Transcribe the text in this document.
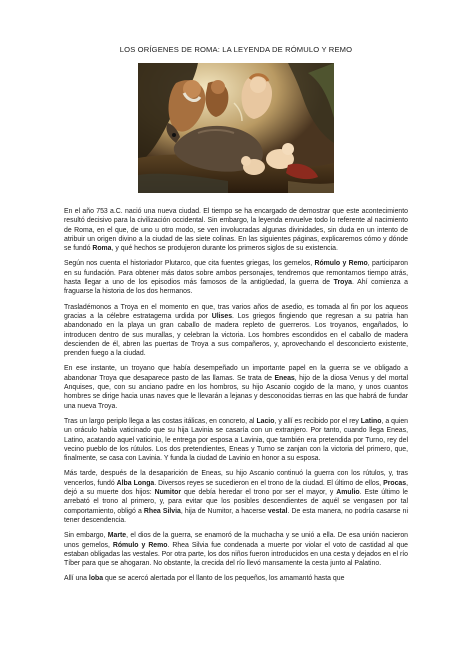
LOS ORÍGENES DE ROMA: LA LEYENDA DE RÓMULO Y REMO

En el año 753 a.C. nació una nueva ciudad. El tiempo se ha encargado de demostrar que este acontecimiento resultó decisivo para la civilización occidental. Sin embargo, la leyenda envuelve todo lo referente al nacimiento de Roma, en el que, de uno u otro modo, se ven involucradas algunas divinidades, sin duda en un intento de atribuir un origen divino a la ciudad de las siete colinas. En las siguientes páginas, explicaremos cómo y dónde se fundó Roma, y qué hechos se produjeron durante los primeros siglos de su existencia.

Según nos cuenta el historiador Plutarco, que cita fuentes griegas, los gemelos, Rómulo y Remo, participaron en su fundación. Para obtener más datos sobre ambos personajes, tendremos que remontarnos tiempo atrás, hasta llegar a uno de los episodios más famosos de la antigüedad, la guerra de Troya. Ahí comienza a fraguarse la historia de los dos hermanos.

Trasladémonos a Troya en el momento en que, tras varios años de asedio, es tomada al fin por los aqueos gracias a la célebre estratagema urdida por Ulises. Los griegos fingiendo que regresan a su patria han abandonado en la playa un gran caballo de madera repleto de guerreros. Los troyanos, engañados, lo introducen dentro de sus murallas, y celebran la victoria. Los hombres escondidos en el caballo de madera descienden de él, abren las puertas de Troya a sus compañeros, y, aprovechando el desconcierto existente, prenden fuego a la ciudad.

En ese instante, un troyano que había desempeñado un importante papel en la guerra se ve obligado a abandonar Troya que desaparece pasto de las llamas. Se trata de Eneas, hijo de la diosa Venus y del mortal Anquises, que, con su anciano padre en los hombros, su hijo Ascanio cogido de la mano, y unos cuantos hombres se dirige hacia unas naves que le llevarán a lejanas y desconocidas tierras en las que habrá de fundar una nueva Troya.

Tras un largo periplo llega a las costas itálicas, en concreto, al Lacio, y allí es recibido por el rey Latino, a quien un oráculo había vaticinado que su hija Lavinia se casaría con un extranjero. Por tanto, cuando llega Eneas, Latino, acatando aquel vaticinio, le entrega por esposa a Lavinia, que también era pretendida por Turno, rey del vecino pueblo de los rútulos. Los dos pretendientes, Eneas y Turno se zanjan con la victoria del primero, que, finalmente, se casa con Lavinia. Y funda la ciudad de Lavinio en honor a su esposa.

Más tarde, después de la desaparición de Eneas, su hijo Ascanio continuó la guerra con los rútulos, y, tras vencerlos, fundó Alba Longa. Diversos reyes se sucedieron en el trono de la ciudad. El último de ellos, Procas, dejó a su muerte dos hijos: Numitor que debía heredar el trono por ser el mayor, y Amulio. Este último le arrebató el trono al primero, y, para evitar que los posibles descendientes de aquél se vengasen por tal comportamiento, obligó a Rhea Silvia, hija de Numitor, a hacerse vestal. De esta manera, no podría casarse ni tener descendencia.

Sin embargo, Marte, el dios de la guerra, se enamoró de la muchacha y se unió a ella. De esa unión nacieron unos gemelos, Rómulo y Remo. Rhea Silvia fue condenada a muerte por violar el voto de castidad al que estaban obligadas las vestales. Por otra parte, los dos niños fueron introducidos en una cesta y dejados en el río Tíber para que se ahogaran. No obstante, la crecida del río llevó mansamente la cesta junto al Palatino.

Allí una loba que se acercó alertada por el llanto de los pequeños, los amamantó hasta que
